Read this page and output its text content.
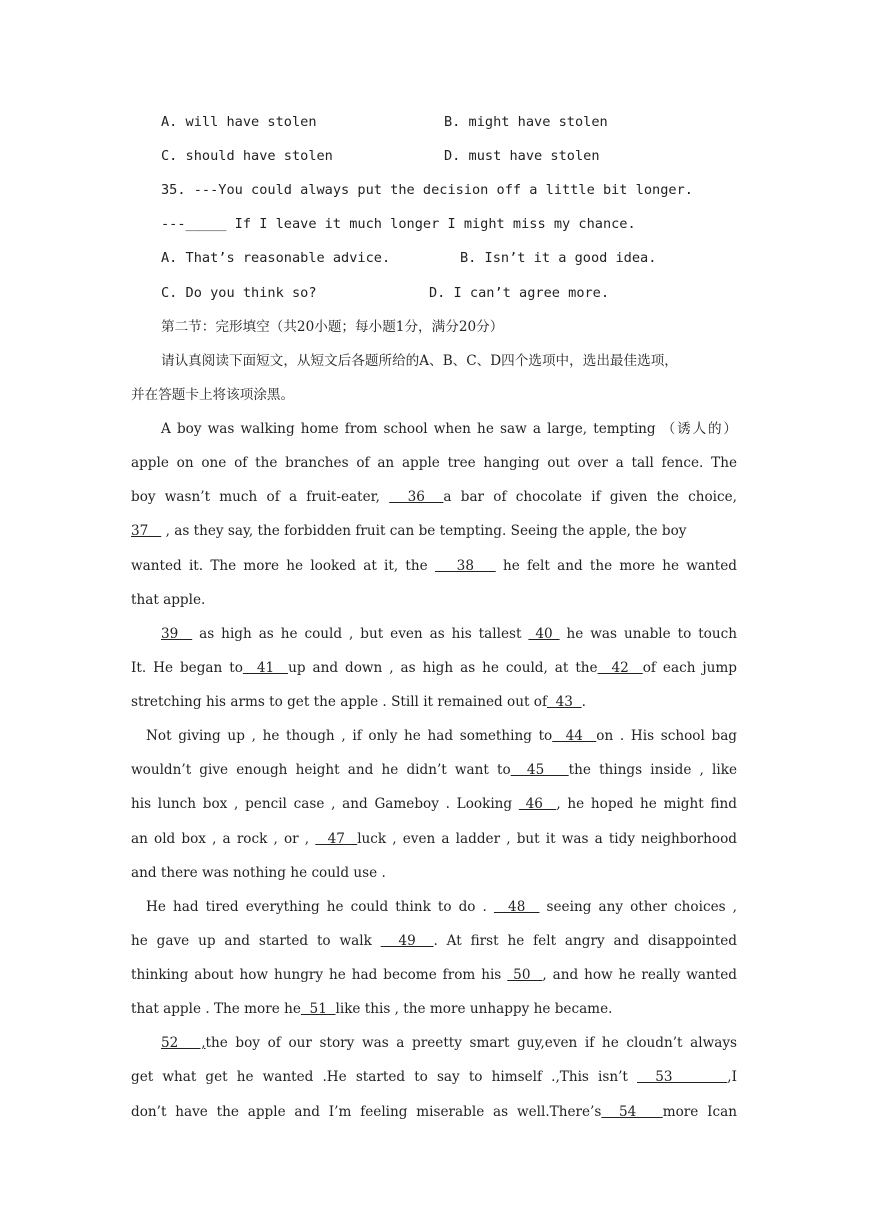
A. will have stolen	B. might have stolen
C. should have stolen	D. must have stolen
35. ---You could always put the decision off a little bit longer.
---_____ If I leave it much longer I might miss my chance.
A. That’s reasonable advice.	B. Isn’t it a good idea.
C. Do you think so?	D. I can’t agree more.
第二节：完形填空（共20小题；每小题1分，满分20分）
请认真阅读下面短文，从短文后各题所给的A、B、C、D四个选项中，选出最佳选项，
并在答题卡上将该项涂黑。
A boy was walking home from school when he saw a large, tempting （诱人的）
apple on one of the branches of an apple tree hanging out over a tall fence. The
boy wasn’t much of a fruit-eater,   36  a bar of chocolate if given the choice,
37    , as they say, the forbidden fruit can be tempting. Seeing the apple, the boy
wanted it. The more he looked at it, the    38    he felt and the more he wanted
that apple.
39   as high as he could , but even as his tallest  40  he was unable to touch
It. He began to  41  up and down , as high as he could, at the  42  of each jump
stretching his arms to get the apple . Still it remained out of  43  .
Not giving up , he though , if only he had something to  44  on . His school bag
wouldn’t give enough height and he didn’t want to  45   the things inside , like
his lunch box , pencil case , and Gameboy . Looking  46  , he hoped he might find
an old box , a rock , or ,   47  luck , even a ladder , but it was a tidy neighborhood
and there was nothing he could use .
He had tired everything he could think to do .   48   seeing any other choices ,
he gave up and started to walk   49  . At first he felt angry and disappointed
thinking about how hungry he had become from his  50  , and how he really wanted
that apple . The more he  51  like this , the more unhappy he became.
52   ,the boy of our story was a preetty smart guy,even if he cloudn’t always
get what get he wanted .He started to say to himself .,This isn’t   53      ,I
don’t have the apple and I’m feeling miserable as well.There’s  54   more Ican
